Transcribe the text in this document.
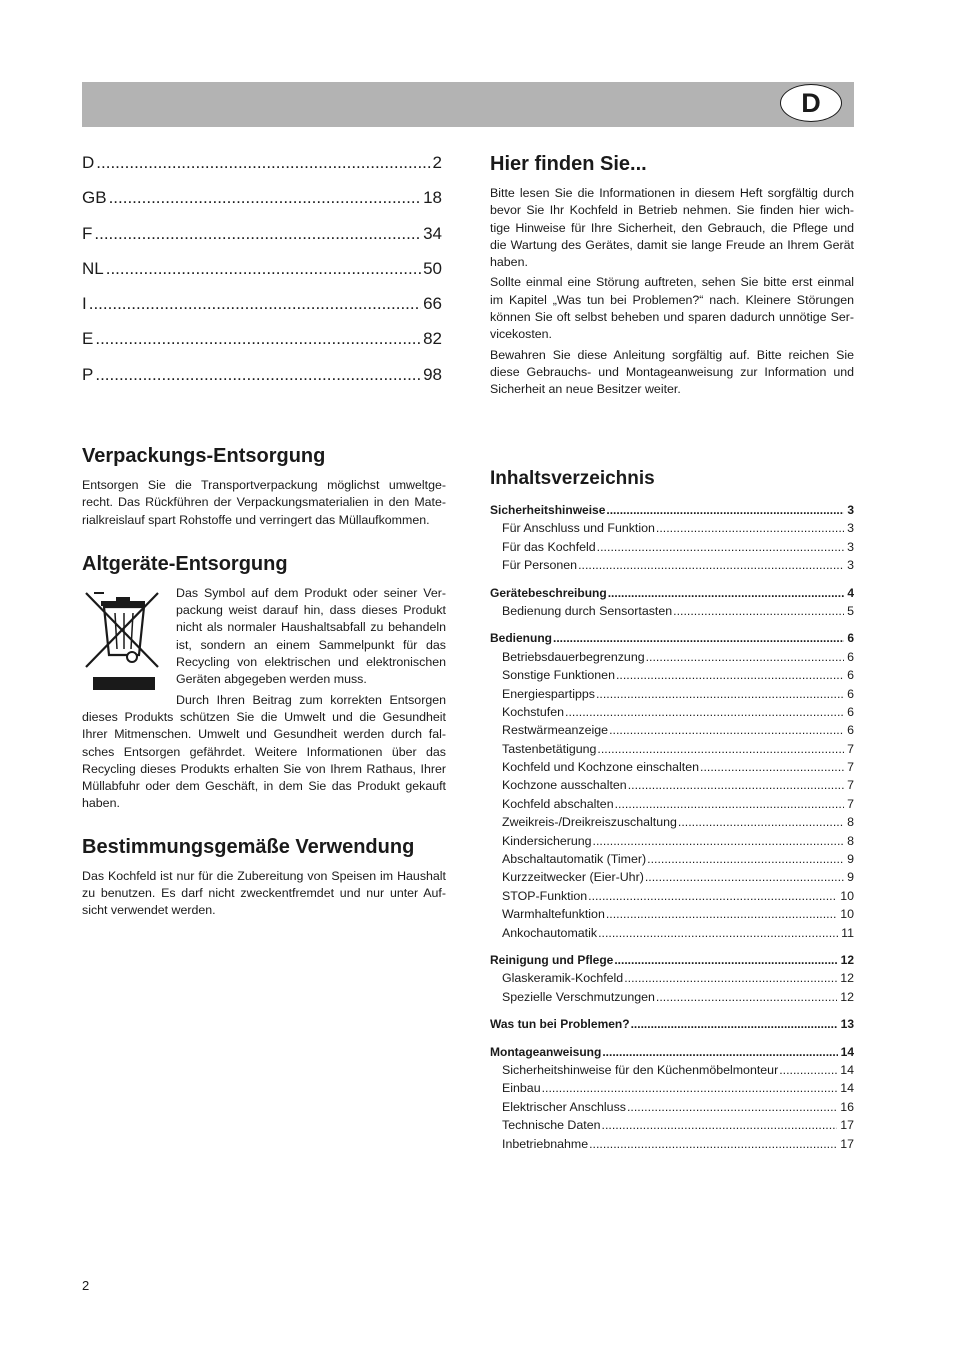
D
D .....	2
GB .....	18
F .....	34
NL .....	50
I .....	66
E .....	82
P .....	98
Hier finden Sie...

Bitte lesen Sie die Informationen in diesem Heft sorgfältig durch bevor Sie Ihr Kochfeld in Betrieb nehmen. Sie finden hier wich-tige Hinweise für Ihre Sicherheit, den Gebrauch, die Pflege und die Wartung des Gerätes, damit sie lange Freude an Ihrem Gerät haben.

Sollte einmal eine Störung auftreten, sehen Sie bitte erst einmal im Kapitel „Was tun bei Problemen?“ nach. Kleinere Störungen können Sie oft selbst beheben und sparen dadurch unnötige Ser-vicekosten.

Bewahren Sie diese Anleitung sorgfältig auf. Bitte reichen Sie diese Gebrauchs- und Montageanweisung zur Information und Sicherheit an neue Besitzer weiter.

Verpackungs-Entsorgung

Entsorgen Sie die Transportverpackung möglichst umweltge-recht. Das Rückführen der Verpackungsmaterialien in den Mate-rialkreislauf spart Rohstoffe und verringert das Müllaufkommen.

Altgeräte-Entsorgung

Das Symbol auf dem Produkt oder seiner Ver-packung weist darauf hin, dass dieses Produkt nicht als normaler Haushaltsabfall zu behandeln ist, sondern an einem Sammelpunkt für das Recycling von elektrischen und elektronischen Geräten abgegeben werden muss.

Durch Ihren Beitrag zum korrekten Entsorgen dieses Produkts schützen Sie die Umwelt und die Gesundheit Ihrer Mitmenschen. Umwelt und Gesundheit werden durch fal-sches Entsorgen gefährdet. Weitere Informationen über das Recycling dieses Produkts erhalten Sie von Ihrem Rathaus, Ihrer Müllabfuhr oder dem Geschäft, in dem Sie das Produkt gekauft haben.

Bestimmungsgemäße Verwendung

Das Kochfeld ist nur für die Zubereitung von Speisen im Haushalt zu benutzen. Es darf nicht zweckentfremdet und nur unter Auf-sicht verwendet werden.

Inhaltsverzeichnis
Sicherheitshinweise .....	3
Für Anschluss und Funktion .....	3
Für das Kochfeld .....	3
Für Personen .....	3
Gerätebeschreibung .....	4
Bedienung durch Sensortasten .....	5
Bedienung .....	6
Betriebsdauerbegrenzung .....	6
Sonstige Funktionen .....	6
Energiespartipps .....	6
Kochstufen .....	6
Restwärmeanzeige .....	6
Tastenbetätigung .....	7
Kochfeld und Kochzone einschalten .....	7
Kochzone ausschalten .....	7
Kochfeld abschalten .....	7
Zweikreis-/Dreikreiszuschaltung .....	8
Kindersicherung .....	8
Abschaltautomatik (Timer) .....	9
Kurzzeitwecker (Eier-Uhr) .....	9
STOP-Funktion .....	10
Warmhaltefunktion .....	10
Ankochautomatik .....	11
Reinigung und Pflege .....	12
Glaskeramik-Kochfeld .....	12
Spezielle Verschmutzungen .....	12
Was tun bei Problemen? .....	13
Montageanweisung .....	14
Sicherheitshinweise für den Küchenmöbelmonteur .....	14
Einbau .....	14
Elektrischer Anschluss .....	16
Technische Daten .....	17
Inbetriebnahme .....	17
2
